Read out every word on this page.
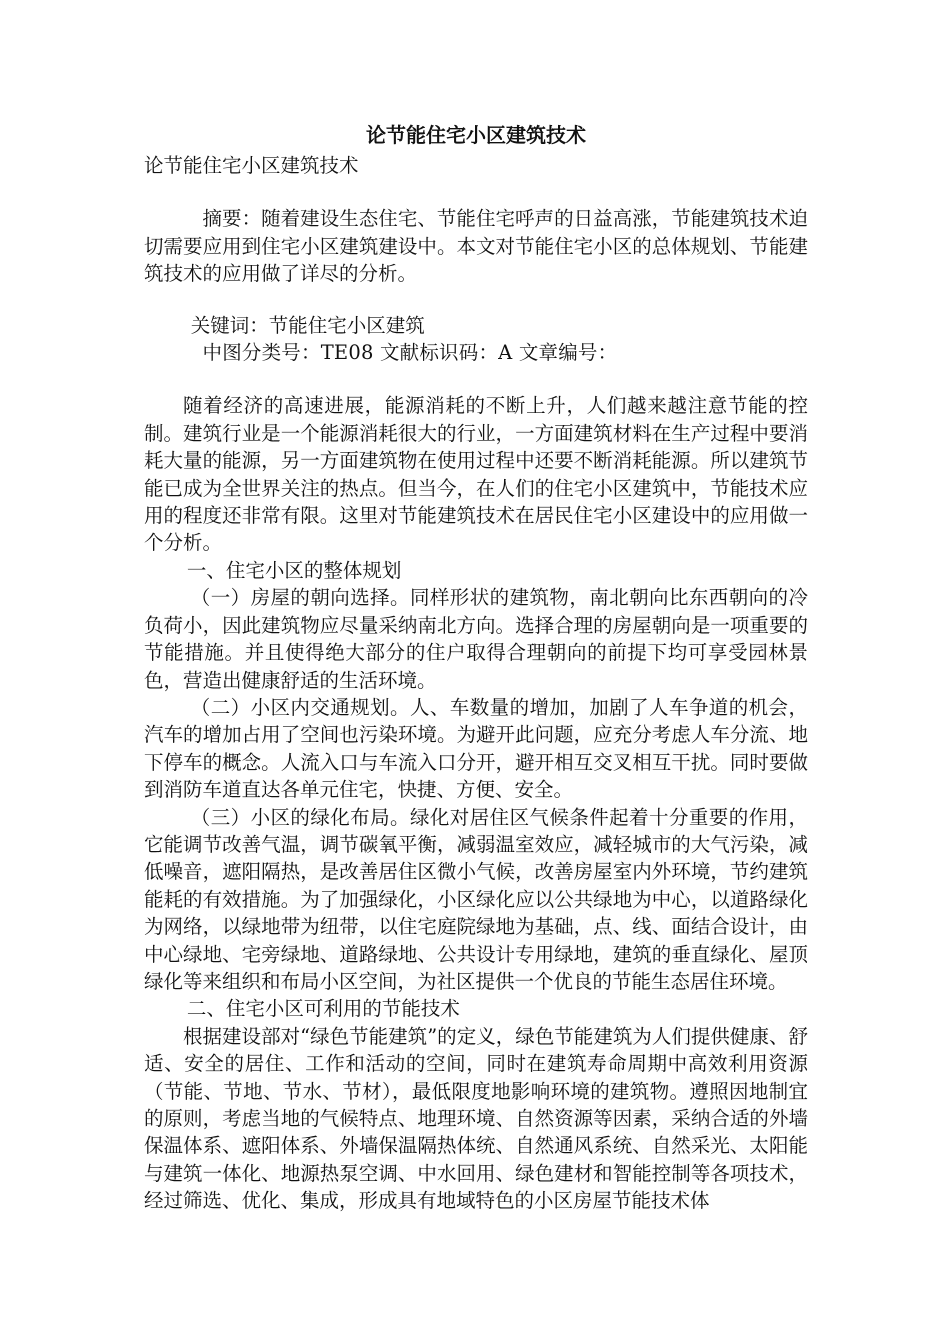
论节能住宅小区建筑技术

论节能住宅小区建筑技术

摘要：随着建设生态住宅、节能住宅呼声的日益高涨，节能建筑技术迫切需要应用到住宅小区建筑建设中。本文对节能住宅小区的总体规划、节能建筑技术的应用做了详尽的分析。

关键词：节能住宅小区建筑

中图分类号：TE08 文献标识码：A 文章编号：

随着经济的高速进展，能源消耗的不断上升，人们越来越注意节能的控制。建筑行业是一个能源消耗很大的行业，一方面建筑材料在生产过程中要消耗大量的能源，另一方面建筑物在使用过程中还要不断消耗能源。所以建筑节能已成为全世界关注的热点。但当今，在人们的住宅小区建筑中，节能技术应用的程度还非常有限。这里对节能建筑技术在居民住宅小区建设中的应用做一个分析。

一、住宅小区的整体规划

（一）房屋的朝向选择。同样形状的建筑物，南北朝向比东西朝向的冷负荷小，因此建筑物应尽量采纳南北方向。选择合理的房屋朝向是一项重要的节能措施。并且使得绝大部分的住户取得合理朝向的前提下均可享受园林景色，营造出健康舒适的生活环境。

（二）小区内交通规划。人、车数量的增加，加剧了人车争道的机会，汽车的增加占用了空间也污染环境。为避开此问题，应充分考虑人车分流、地下停车的概念。人流入口与车流入口分开，避开相互交叉相互干扰。同时要做到消防车道直达各单元住宅，快捷、方便、安全。

（三）小区的绿化布局。绿化对居住区气候条件起着十分重要的作用，它能调节改善气温，调节碳氧平衡，减弱温室效应，减轻城市的大气污染，减低噪音，遮阳隔热，是改善居住区微小气候，改善房屋室内外环境，节约建筑能耗的有效措施。为了加强绿化，小区绿化应以公共绿地为中心，以道路绿化为网络，以绿地带为纽带，以住宅庭院绿地为基础，点、线、面结合设计，由中心绿地、宅旁绿地、道路绿地、公共设计专用绿地，建筑的垂直绿化、屋顶绿化等来组织和布局小区空间，为社区提供一个优良的节能生态居住环境。

二、住宅小区可利用的节能技术

根据建设部对“绿色节能建筑”的定义，绿色节能建筑为人们提供健康、舒适、安全的居住、工作和活动的空间，同时在建筑寿命周期中高效利用资源（节能、节地、节水、节材），最低限度地影响环境的建筑物。遵照因地制宜的原则，考虑当地的气候特点、地理环境、自然资源等因素，采纳合适的外墙保温体系、遮阳体系、外墙保温隔热体统、自然通风系统、自然采光、太阳能与建筑一体化、地源热泵空调、中水回用、绿色建材和智能控制等各项技术，经过筛选、优化、集成，形成具有地域特色的小区房屋节能技术体
